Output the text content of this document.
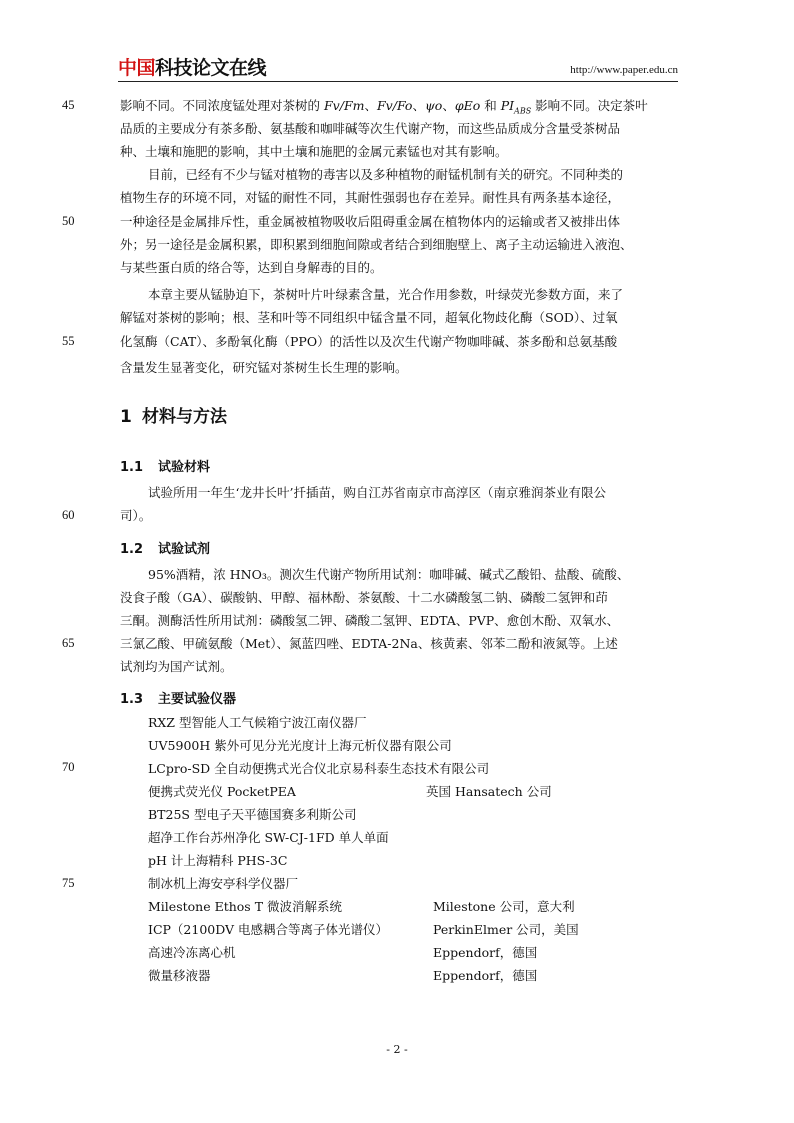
中国科技论文在线	http://www.paper.edu.cn
45
50
55
60
65
70
75
影响不同。不同浓度锰处理对茶树的 Fv/Fm、Fv/Fo、ψo、φEo 和 $PI_{ABS}$ 影响不同。决定茶叶
品质的主要成分有茶多酚、氨基酸和咖啡碱等次生代谢产物，而这些品质成分含量受茶树品
种、土壤和施肥的影响，其中土壤和施肥的金属元素锰也对其有影响。
目前，已经有不少与锰对植物的毒害以及多种植物的耐锰机制有关的研究。不同种类的
植物生存的环境不同，对锰的耐性不同，其耐性强弱也存在差异。耐性具有两条基本途径，
一种途径是金属排斥性，重金属被植物吸收后阻碍重金属在植物体内的运输或者又被排出体
外；另一途径是金属积累，即积累到细胞间隙或者结合到细胞壁上、离子主动运输进入液泡、
与某些蛋白质的络合等，达到自身解毒的目的。
本章主要从锰胁迫下，茶树叶片叶绿素含量，光合作用参数，叶绿荧光参数方面，来了
解锰对茶树的影响；根、茎和叶等不同组织中锰含量不同，超氧化物歧化酶（SOD）、过氧
化氢酶（CAT）、多酚氧化酶（PPO）的活性以及次生代谢产物咖啡碱、茶多酚和总氨基酸
含量发生显著变化，研究锰对茶树生长生理的影响。
1 材料与方法
1.1 试验材料
试验所用一年生‘龙井长叶’扦插苗，购自江苏省南京市高淳区（南京雅润茶业有限公
司）。
1.2 试验试剂
95%酒精，浓 HNO₃。测次生代谢产物所用试剂：咖啡碱、碱式乙酸铅、盐酸、硫酸、
没食子酸（GA）、碳酸钠、甲醇、福林酚、茶氨酸、十二水磷酸氢二钠、磷酸二氢钾和茚
三酮。测酶活性所用试剂：磷酸氢二钾、磷酸二氢钾、EDTA、PVP、愈创木酚、双氧水、
三氯乙酸、甲硫氨酸（Met）、氮蓝四唑、EDTA-2Na、核黄素、邻苯二酚和液氮等。上述
试剂均为国产试剂。
1.3 主要试验仪器
RXZ 型智能人工气候箱宁波江南仪器厂
UV5900H 紫外可见分光光度计上海元析仪器有限公司
LCpro-SD 全自动便携式光合仪北京易科泰生态技术有限公司
便携式荧光仪 PocketPEA	英国 Hansatech 公司
BT25S 型电子天平德国赛多利斯公司
超净工作台苏州净化 SW-CJ-1FD 单人单面
pH 计上海精科 PHS-3C
制冰机上海安亭科学仪器厂
Milestone Ethos T 微波消解系统	Milestone 公司，意大利
ICP（2100DV 电感耦合等离子体光谱仪）	PerkinElmer 公司，美国
高速冷冻离心机	Eppendorf，德国
微量移液器	Eppendorf，德国
- 2 -
